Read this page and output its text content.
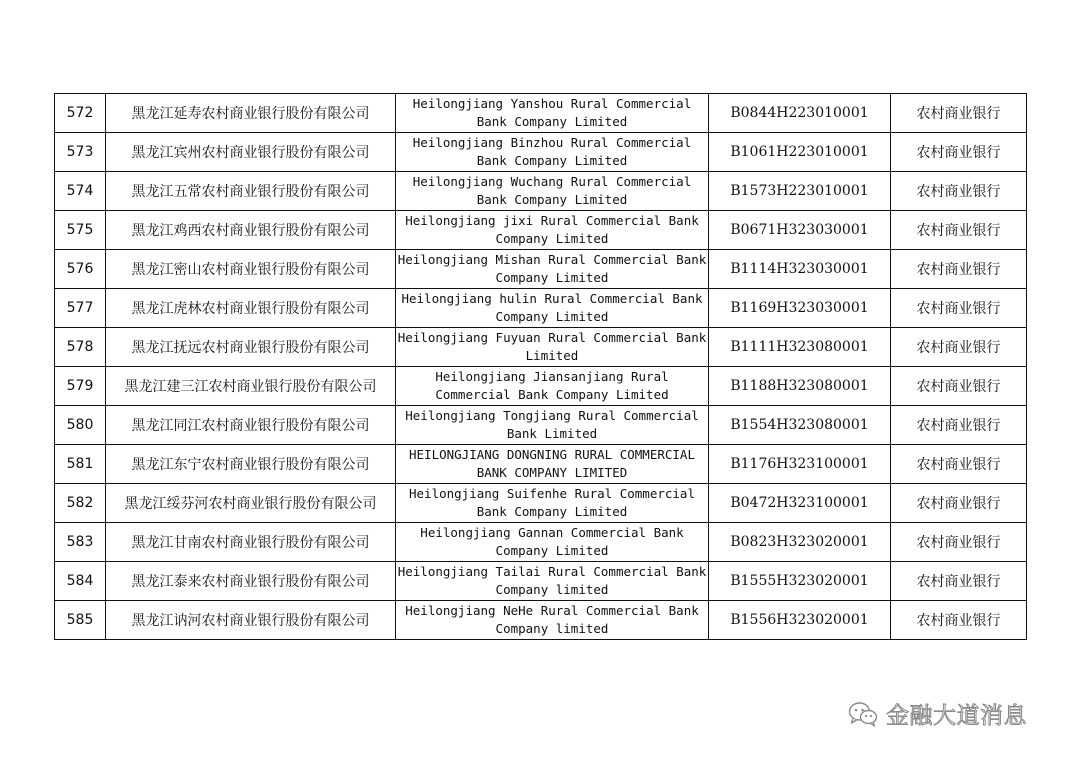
572	黑龙江延寿农村商业银行股份有限公司	Heilongjiang Yanshou Rural Commercial Bank Company Limited	B0844H223010001	农村商业银行
573	黑龙江宾州农村商业银行股份有限公司	Heilongjiang Binzhou Rural Commercial Bank Company Limited	B1061H223010001	农村商业银行
574	黑龙江五常农村商业银行股份有限公司	Heilongjiang Wuchang Rural Commercial Bank Company Limited	B1573H223010001	农村商业银行
575	黑龙江鸡西农村商业银行股份有限公司	Heilongjiang jixi Rural Commercial Bank Company Limited	B0671H323030001	农村商业银行
576	黑龙江密山农村商业银行股份有限公司	Heilongjiang Mishan Rural Commercial Bank Company Limited	B1114H323030001	农村商业银行
577	黑龙江虎林农村商业银行股份有限公司	Heilongjiang hulin Rural Commercial Bank Company Limited	B1169H323030001	农村商业银行
578	黑龙江抚远农村商业银行股份有限公司	Heilongjiang Fuyuan Rural Commercial Bank Limited	B1111H323080001	农村商业银行
579	黑龙江建三江农村商业银行股份有限公司	Heilongjiang Jiansanjiang Rural Commercial Bank Company Limited	B1188H323080001	农村商业银行
580	黑龙江同江农村商业银行股份有限公司	Heilongjiang Tongjiang Rural Commercial Bank Limited	B1554H323080001	农村商业银行
581	黑龙江东宁农村商业银行股份有限公司	HEILONGJIANG DONGNING RURAL COMMERCIAL BANK COMPANY LIMITED	B1176H323100001	农村商业银行
582	黑龙江绥芬河农村商业银行股份有限公司	Heilongjiang Suifenhe Rural Commercial Bank Company Limited	B0472H323100001	农村商业银行
583	黑龙江甘南农村商业银行股份有限公司	Heilongjiang Gannan Commercial Bank Company Limited	B0823H323020001	农村商业银行
584	黑龙江泰来农村商业银行股份有限公司	Heilongjiang Tailai Rural Commercial Bank Company limited	B1555H323020001	农村商业银行
585	黑龙江讷河农村商业银行股份有限公司	Heilongjiang NeHe Rural Commercial Bank Company limited	B1556H323020001	农村商业银行
金融大道消息
